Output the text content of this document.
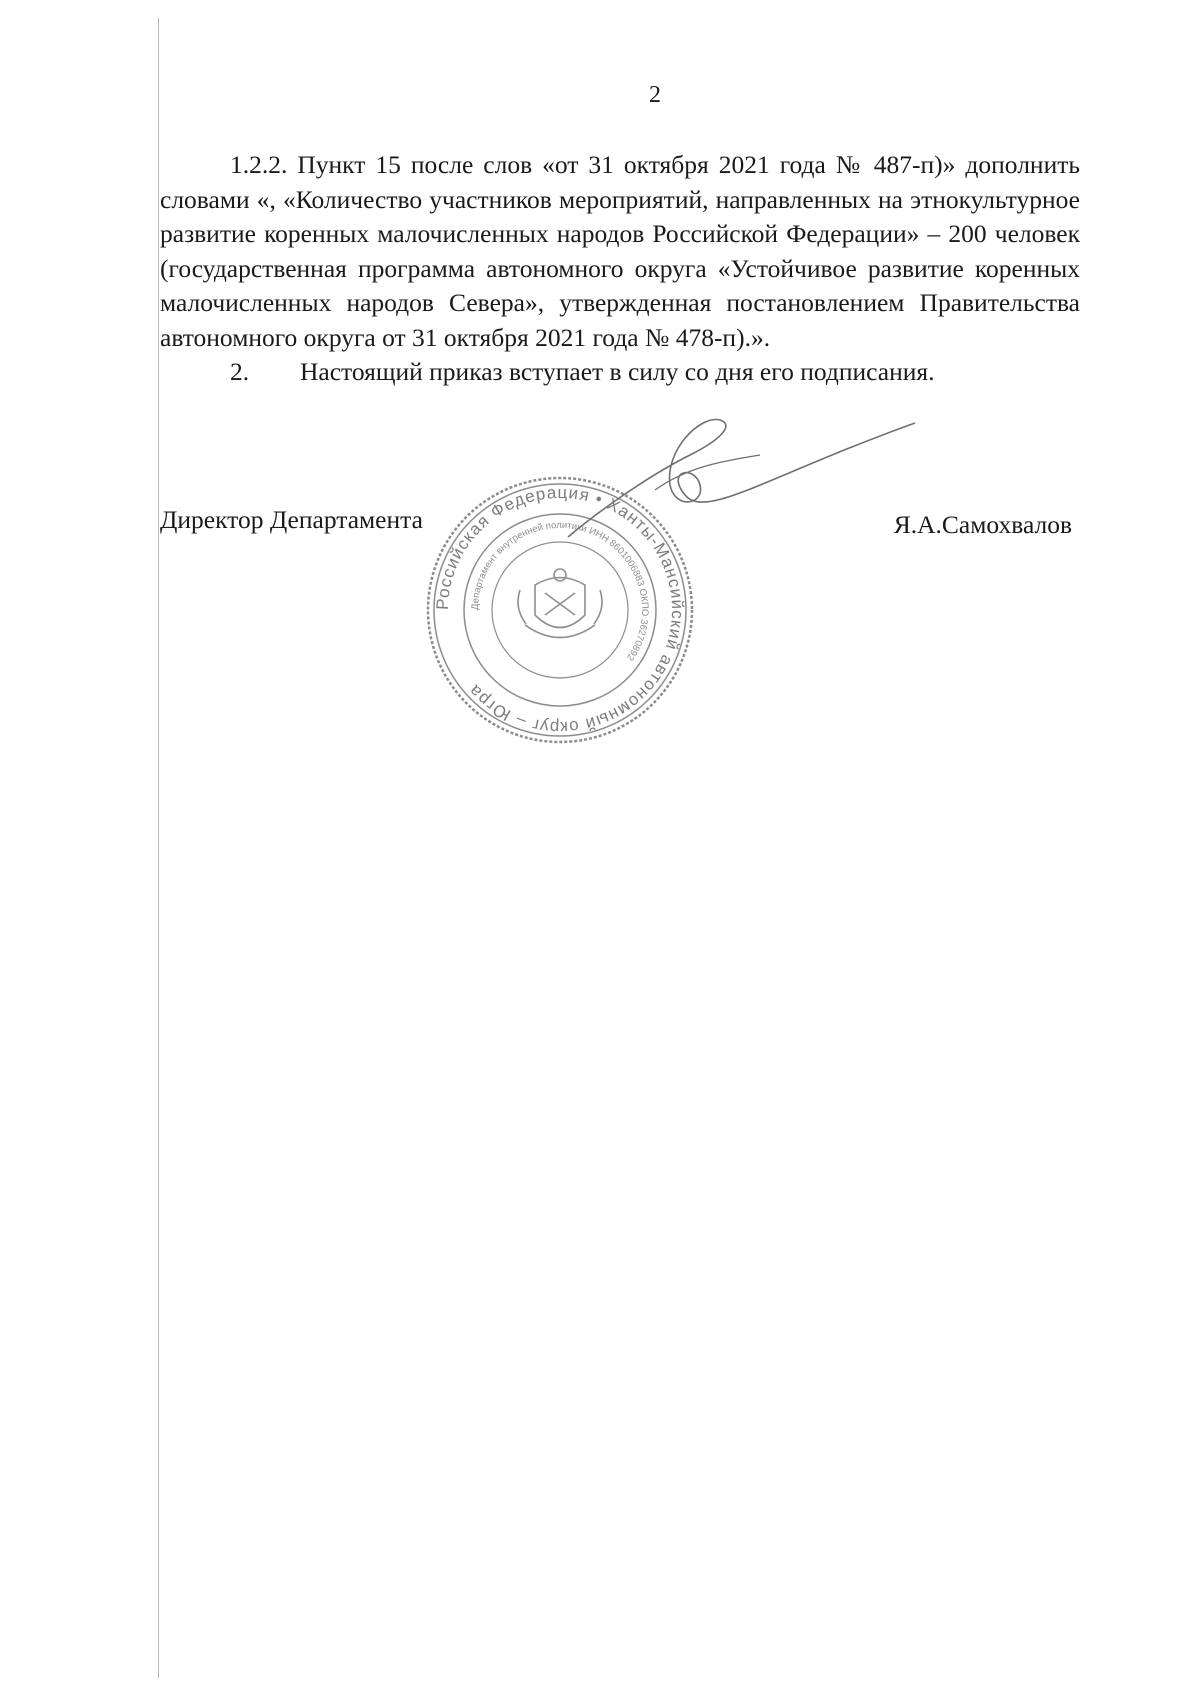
2

1.2.2. Пункт 15 после слов «от 31 октября 2021 года № 487-п)» дополнить словами «, «Количество участников мероприятий, направленных на этнокультурное развитие коренных малочисленных народов Российской Федерации» – 200 человек (государственная программа автономного округа «Устойчивое развитие коренных малочисленных народов Севера», утвержденная постановлением Правительства автономного округа от 31 октября 2021 года № 478-п).».

2. Настоящий приказ вступает в силу со дня его подписания.

Директор Департамента
Российская Федерация • Ханты-Мансийский автономный округ – Югра
Департамент внутренней политики ИНН 8601006883 ОКПО 36270892
Я.А.Самохвалов
